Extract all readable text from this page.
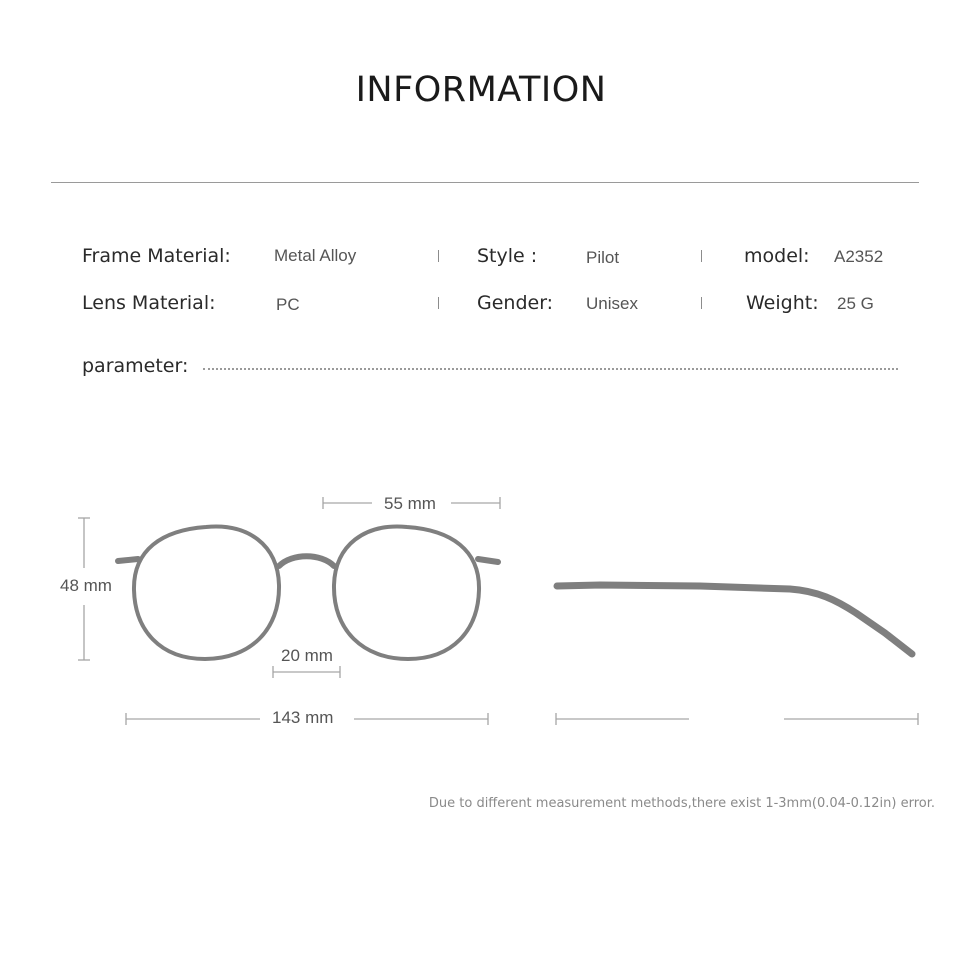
INFORMATION
Frame Material:	Metal Alloy	Style :	Pilot	model: A2352
Lens Material:	PC	Gender: Unisex	Weight: 25 G
parameter:
55 mm
48 mm
20 mm
143 mm
Due to different measurement methods,there exist 1-3mm(0.04-0.12in) error.
